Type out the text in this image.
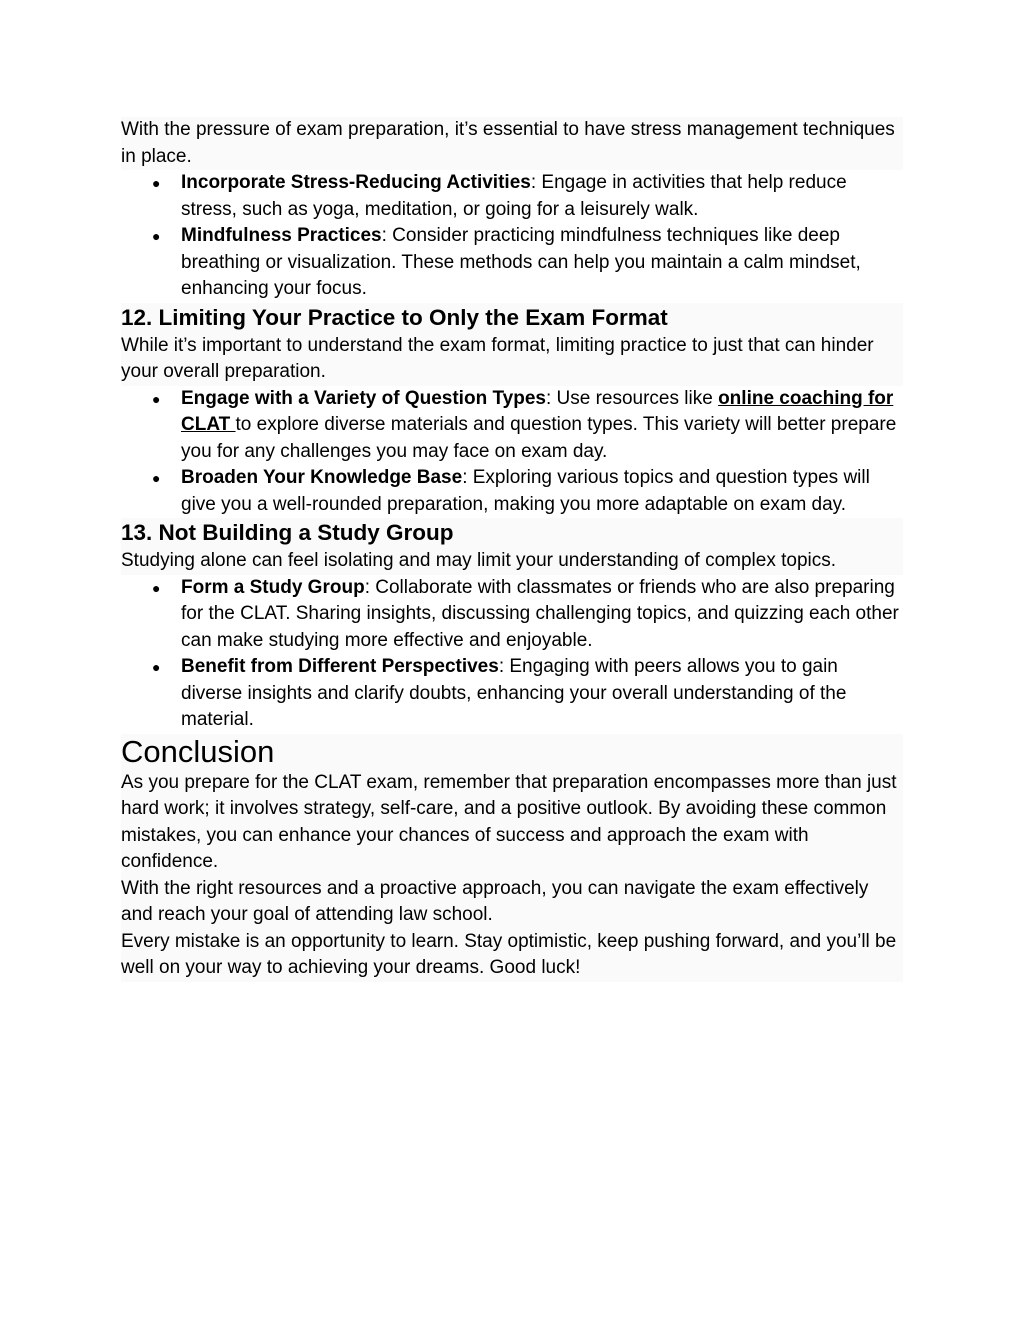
With the pressure of exam preparation, it’s essential to have stress management techniques in place.

● Incorporate Stress-Reducing Activities: Engage in activities that help reduce stress, such as yoga, meditation, or going for a leisurely walk.
● Mindfulness Practices: Consider practicing mindfulness techniques like deep breathing or visualization. These methods can help you maintain a calm mindset, enhancing your focus.
12. Limiting Your Practice to Only the Exam Format

While it’s important to understand the exam format, limiting practice to just that can hinder your overall preparation.

● Engage with a Variety of Question Types: Use resources like online coaching for CLAT to explore diverse materials and question types. This variety will better prepare you for any challenges you may face on exam day.
● Broaden Your Knowledge Base: Exploring various topics and question types will give you a well-rounded preparation, making you more adaptable on exam day.
13. Not Building a Study Group

Studying alone can feel isolating and may limit your understanding of complex topics.

● Form a Study Group: Collaborate with classmates or friends who are also preparing for the CLAT. Sharing insights, discussing challenging topics, and quizzing each other can make studying more effective and enjoyable.
● Benefit from Different Perspectives: Engaging with peers allows you to gain diverse insights and clarify doubts, enhancing your overall understanding of the material.
Conclusion

As you prepare for the CLAT exam, remember that preparation encompasses more than just hard work; it involves strategy, self-care, and a positive outlook. By avoiding these common mistakes, you can enhance your chances of success and approach the exam with confidence.

With the right resources and a proactive approach, you can navigate the exam effectively and reach your goal of attending law school.

Every mistake is an opportunity to learn. Stay optimistic, keep pushing forward, and you’ll be well on your way to achieving your dreams. Good luck!
